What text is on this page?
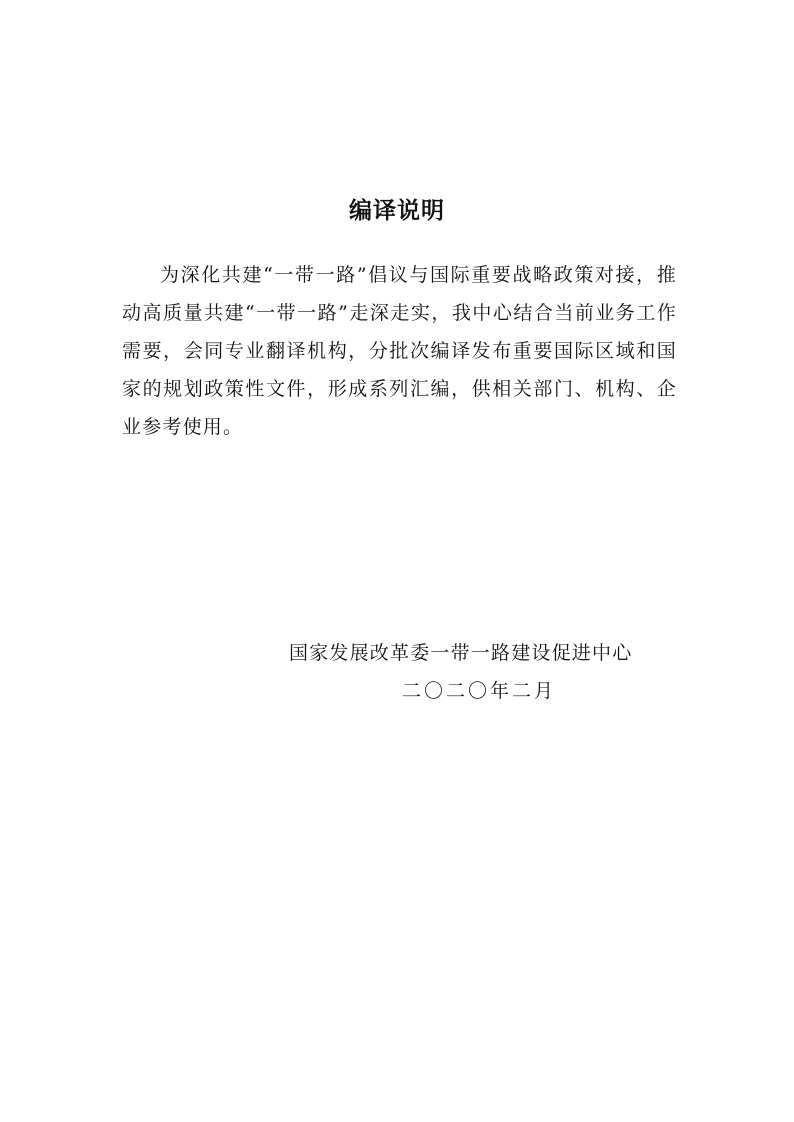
编译说明

为深化共建“一带一路”倡议与国际重要战略政策对接，推动高质量共建“一带一路”走深走实，我中心结合当前业务工作需要，会同专业翻译机构，分批次编译发布重要国际区域和国家的规划政策性文件，形成系列汇编，供相关部门、机构、企业参考使用。

国家发展改革委一带一路建设促进中心
二〇二〇年二月
